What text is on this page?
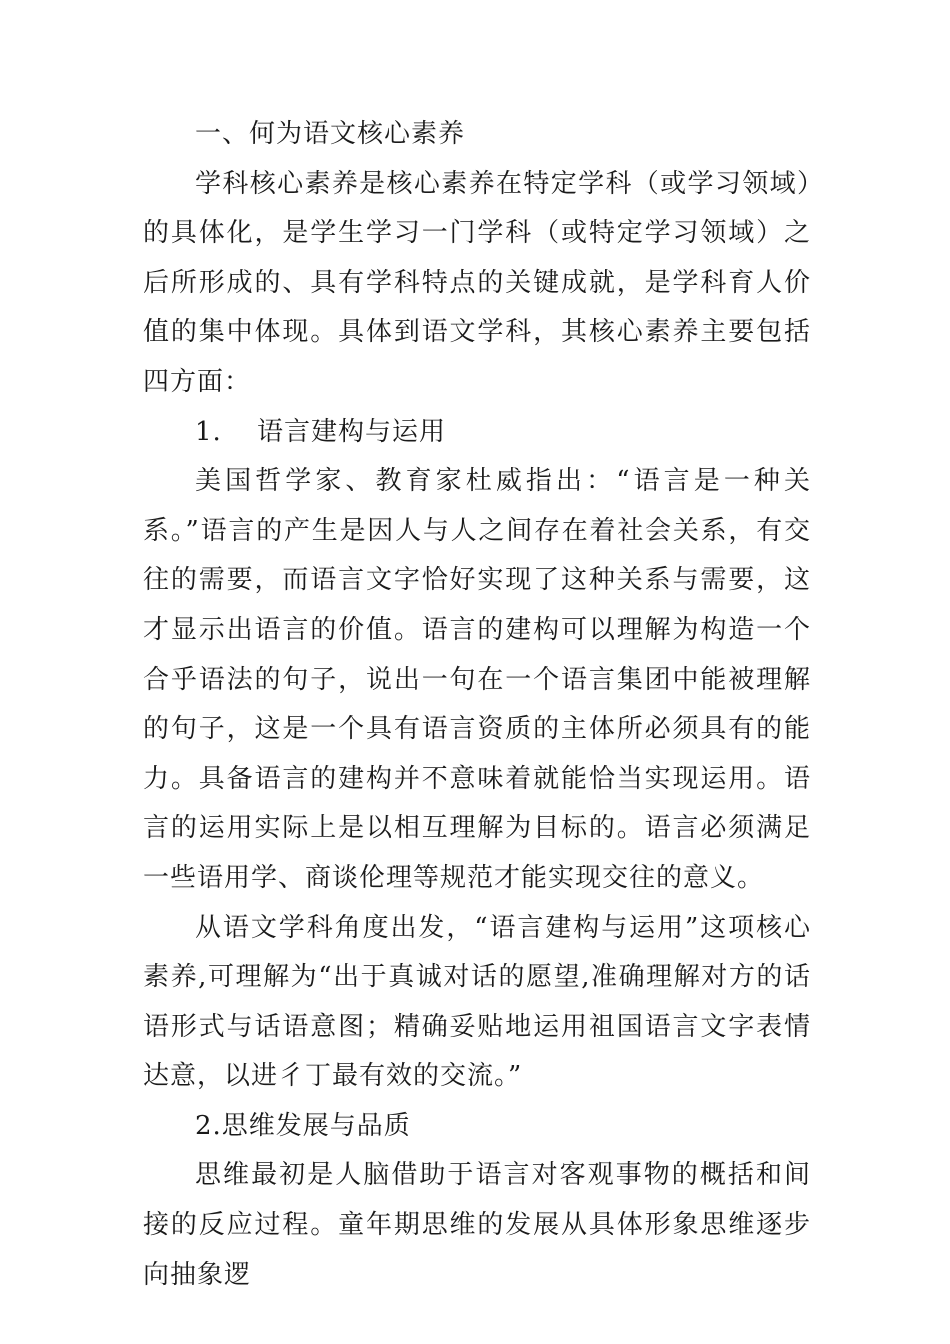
一、何为语文核心素养

学科核心素养是核心素养在特定学科（或学习领域）的具体化，是学生学习一门学科（或特定学习领域）之后所形成的、具有学科特点的关键成就，是学科育人价值的集中体现。具体到语文学科，其核心素养主要包括四方面：

1. 语言建构与运用

美国哲学家、教育家杜威指出：“语言是一种关系。”语言的产生是因人与人之间存在着社会关系，有交往的需要，而语言文字恰好实现了这种关系与需要，这才显示出语言的价值。语言的建构可以理解为构造一个合乎语法的句子，说出一句在一个语言集团中能被理解的句子，这是一个具有语言资质的主体所必须具有的能力。具备语言的建构并不意味着就能恰当实现运用。语言的运用实际上是以相互理解为目标的。语言必须满足一些语用学、商谈伦理等规范才能实现交往的意义。

从语文学科角度出发，“语言建构与运用”这项核心素养,可理解为“出于真诚对话的愿望,准确理解对方的话语形式与话语意图；精确妥贴地运用祖国语言文字表情达意，以进彳丁最有效的交流。”

2.思维发展与品质

思维最初是人脑借助于语言对客观事物的概括和间接的反应过程。童年期思维的发展从具体形象思维逐步向抽象逻
